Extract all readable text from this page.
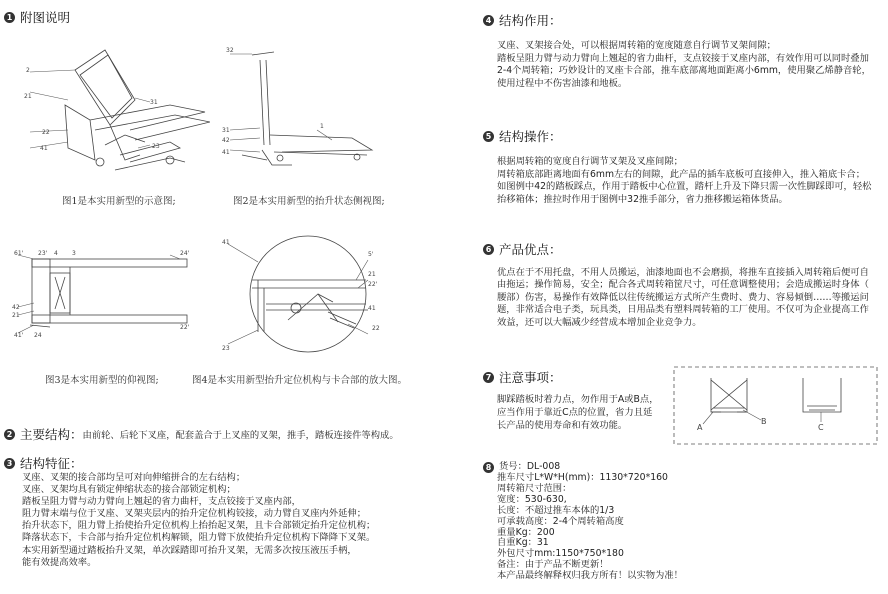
1 附图说明
2
21
22
41
31
23
图1是本实用新型的示意图;
32
31
42
41
1
图2是本实用新型的抬升状态侧视图;
61' 23' 4 3	24'
42
21
41' 24
22'
图3是本实用新型的仰视图;
41
5'
21
22'
41
22
23
图4是本实用新型抬升定位机构与卡合部的放大图。
2 主要结构： 由前轮、后轮下叉座，配套盖合于上叉座的叉架，推手，踏板连接件等构成。
3 结构特征：
叉座、叉架的接合部均呈可对向伸缩拼合的左右结构；
叉座、叉架均具有锁定伸缩状态的接合部锁定机构；
踏板呈阻力臂与动力臂向上翘起的省力曲杆，支点铰接于叉座内部，
阻力臂末端与位于叉座、叉架夹层内的抬升定位机构铰接，动力臂自叉座内外延伸；
抬升状态下，阻力臂上抬使抬升定位机构上抬抬起叉架，且卡合部锁定抬升定位机构；
降落状态下，卡合部与抬升定位机构解锁，阻力臂下放使抬升定位机构下降降下叉架。
本实用新型通过踏板抬升叉架，单次踩踏即可抬升叉架，无需多次按压液压手柄，
能有效提高效率。
4 结构作用：
叉座、叉架接合处，可以根据周转箱的宽度随意自行调节叉架间隙；
踏板呈阻力臂与动力臂向上翘起的省力曲杆，支点铰接于叉座内部，有效作用可以同时叠加
2-4个周转箱；巧妙设计的叉座卡合部，推车底部离地面距离小6mm，使用聚乙烯静音轮，
使用过程中不伤害油漆和地板。
5 结构操作：
根据周转箱的宽度自行调节叉架及叉座间隙；
周转箱底部距离地面有6mm左右的间隙，此产品的插车底板可直接伸入，推入箱底卡合；
如图例中42的踏板踩点，作用于踏板中心位置，踏杆上升及下降只需一次性脚踩即可，轻松
抬移箱体；推拉时作用于图例中32推手部分，省力推移搬运箱体货品。
6 产品优点：
优点在于不用托盘，不用人员搬运，油漆地面也不会磨损，将推车直接插入周转箱后便可自
由拖运；操作简易，安全；配合各式周转箱筐尺寸，可任意调整使用；会造成搬运时身体（
腰部）伤害，易操作有效降低以往传统搬运方式所产生费时、费力、容易倾倒……等搬运问
题，非常适合电子类，玩具类，日用品类有塑料周转箱的工厂使用。不仅可为企业提高工作
效益，还可以大幅减少经营成本增加企业竞争力。
7 注意事项：
脚踩踏板时着力点，勿作用于A或B点，
应当作用于靠近C点的位置，省力且延
长产品的使用寿命和有效功能。	A
B
C
8 货号：DL-008
推车尺寸L*W*H(mm)：1130*720*160
周转箱尺寸范围：
宽度：530-630,
长度：不超过推车本体的1/3
可承载高度：2-4个周转箱高度
重量Kg：200
自重Kg：31
外包尺寸mm:1150*750*180
备注：由于产品不断更新！
本产品最终解释权归我方所有！以实物为准！
